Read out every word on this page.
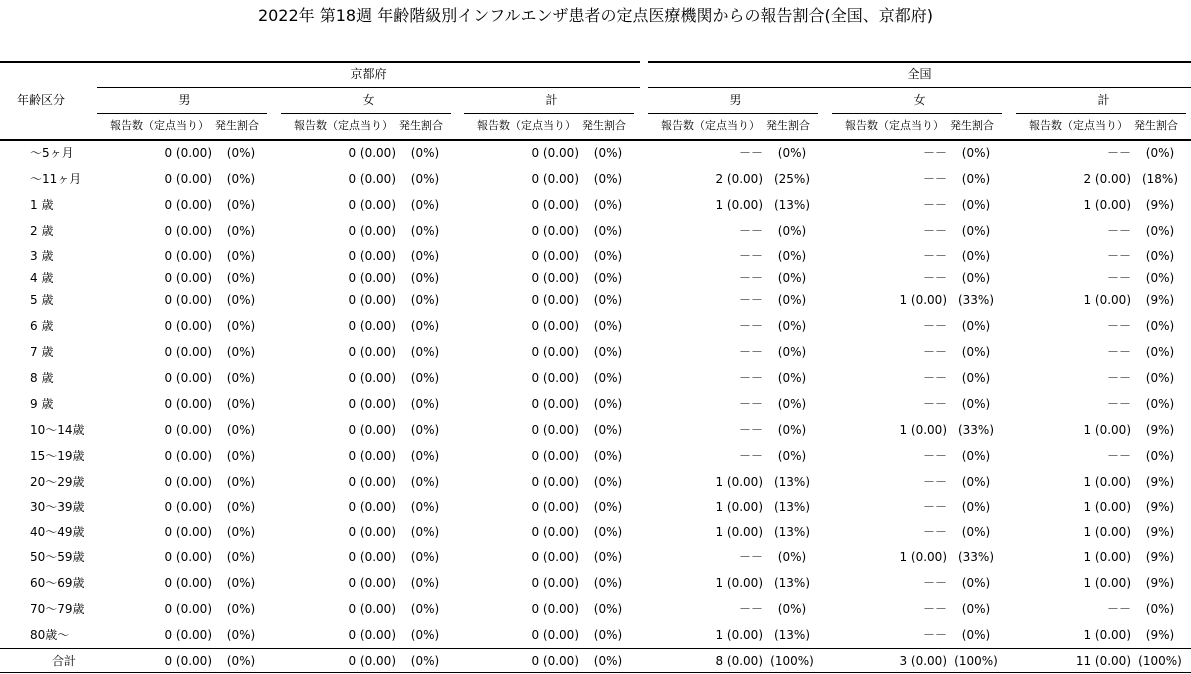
2022年 第18週 年齢階級別インフルエンザ患者の定点医療機関からの報告割合(全国、京都府)
京都府	全国
年齢区分	男
報告数（定点当り） 発生割合
女
報告数（定点当り） 発生割合
計
報告数（定点当り） 発生割合
男
報告数（定点当り） 発生割合
女
報告数（定点当り） 発生割合
計
報告数（定点当り） 発生割合
～5ヶ月	0 (0.00)	(0%)	0 (0.00)	(0%)	0 (0.00)	(0%)	－－	(0%)	－－	(0%)	－－	(0%)
～11ヶ月	0 (0.00)	(0%)	0 (0.00)	(0%)	0 (0.00)	(0%)	2 (0.00) (25%)	－－	(0%)	2 (0.00) (18%)
1 歳	0 (0.00)	(0%)	0 (0.00)	(0%)	0 (0.00)	(0%)	1 (0.00) (13%)	－－	(0%)	1 (0.00)	(9%)
2 歳	0 (0.00)	(0%)	0 (0.00)	(0%)	0 (0.00)	(0%)	－－	(0%)	－－	(0%)	－－	(0%)
3 歳	0 (0.00)	(0%)	0 (0.00)	(0%)	0 (0.00)	(0%)	－－	(0%)	－－	(0%)	－－	(0%)
4 歳	0 (0.00)	(0%)	0 (0.00)	(0%)	0 (0.00)	(0%)	－－	(0%)	－－	(0%)	－－	(0%)
5 歳	0 (0.00)	(0%)	0 (0.00)	(0%)	0 (0.00)	(0%)	－－	(0%)	1 (0.00) (33%)	1 (0.00)	(9%)
6 歳	0 (0.00)	(0%)	0 (0.00)	(0%)	0 (0.00)	(0%)	－－	(0%)	－－	(0%)	－－	(0%)
7 歳	0 (0.00)	(0%)	0 (0.00)	(0%)	0 (0.00)	(0%)	－－	(0%)	－－	(0%)	－－	(0%)
8 歳	0 (0.00)	(0%)	0 (0.00)	(0%)	0 (0.00)	(0%)	－－	(0%)	－－	(0%)	－－	(0%)
9 歳	0 (0.00)	(0%)	0 (0.00)	(0%)	0 (0.00)	(0%)	－－	(0%)	－－	(0%)	－－	(0%)
10～14歳	0 (0.00)	(0%)	0 (0.00)	(0%)	0 (0.00)	(0%)	－－	(0%)	1 (0.00) (33%)	1 (0.00)	(9%)
15～19歳	0 (0.00)	(0%)	0 (0.00)	(0%)	0 (0.00)	(0%)	－－	(0%)	－－	(0%)	－－	(0%)
20～29歳	0 (0.00)	(0%)	0 (0.00)	(0%)	0 (0.00)	(0%)	1 (0.00) (13%)	－－	(0%)	1 (0.00)	(9%)
30～39歳	0 (0.00)	(0%)	0 (0.00)	(0%)	0 (0.00)	(0%)	1 (0.00) (13%)	－－	(0%)	1 (0.00)	(9%)
40～49歳	0 (0.00)	(0%)	0 (0.00)	(0%)	0 (0.00)	(0%)	1 (0.00) (13%)	－－	(0%)	1 (0.00)	(9%)
50～59歳	0 (0.00)	(0%)	0 (0.00)	(0%)	0 (0.00)	(0%)	－－	(0%)	1 (0.00) (33%)	1 (0.00)	(9%)
60～69歳	0 (0.00)	(0%)	0 (0.00)	(0%)	0 (0.00)	(0%)	1 (0.00) (13%)	－－	(0%)	1 (0.00)	(9%)
70～79歳	0 (0.00)	(0%)	0 (0.00)	(0%)	0 (0.00)	(0%)	－－	(0%)	－－	(0%)	－－	(0%)
80歳～	0 (0.00)	(0%)	0 (0.00)	(0%)	0 (0.00)	(0%)	1 (0.00) (13%)	－－	(0%)	1 (0.00)	(9%)
合計	0 (0.00)	(0%)	0 (0.00)	(0%)	0 (0.00)	(0%)	8 (0.00) (100%)	3 (0.00) (100%)	11 (0.00) (100%)
